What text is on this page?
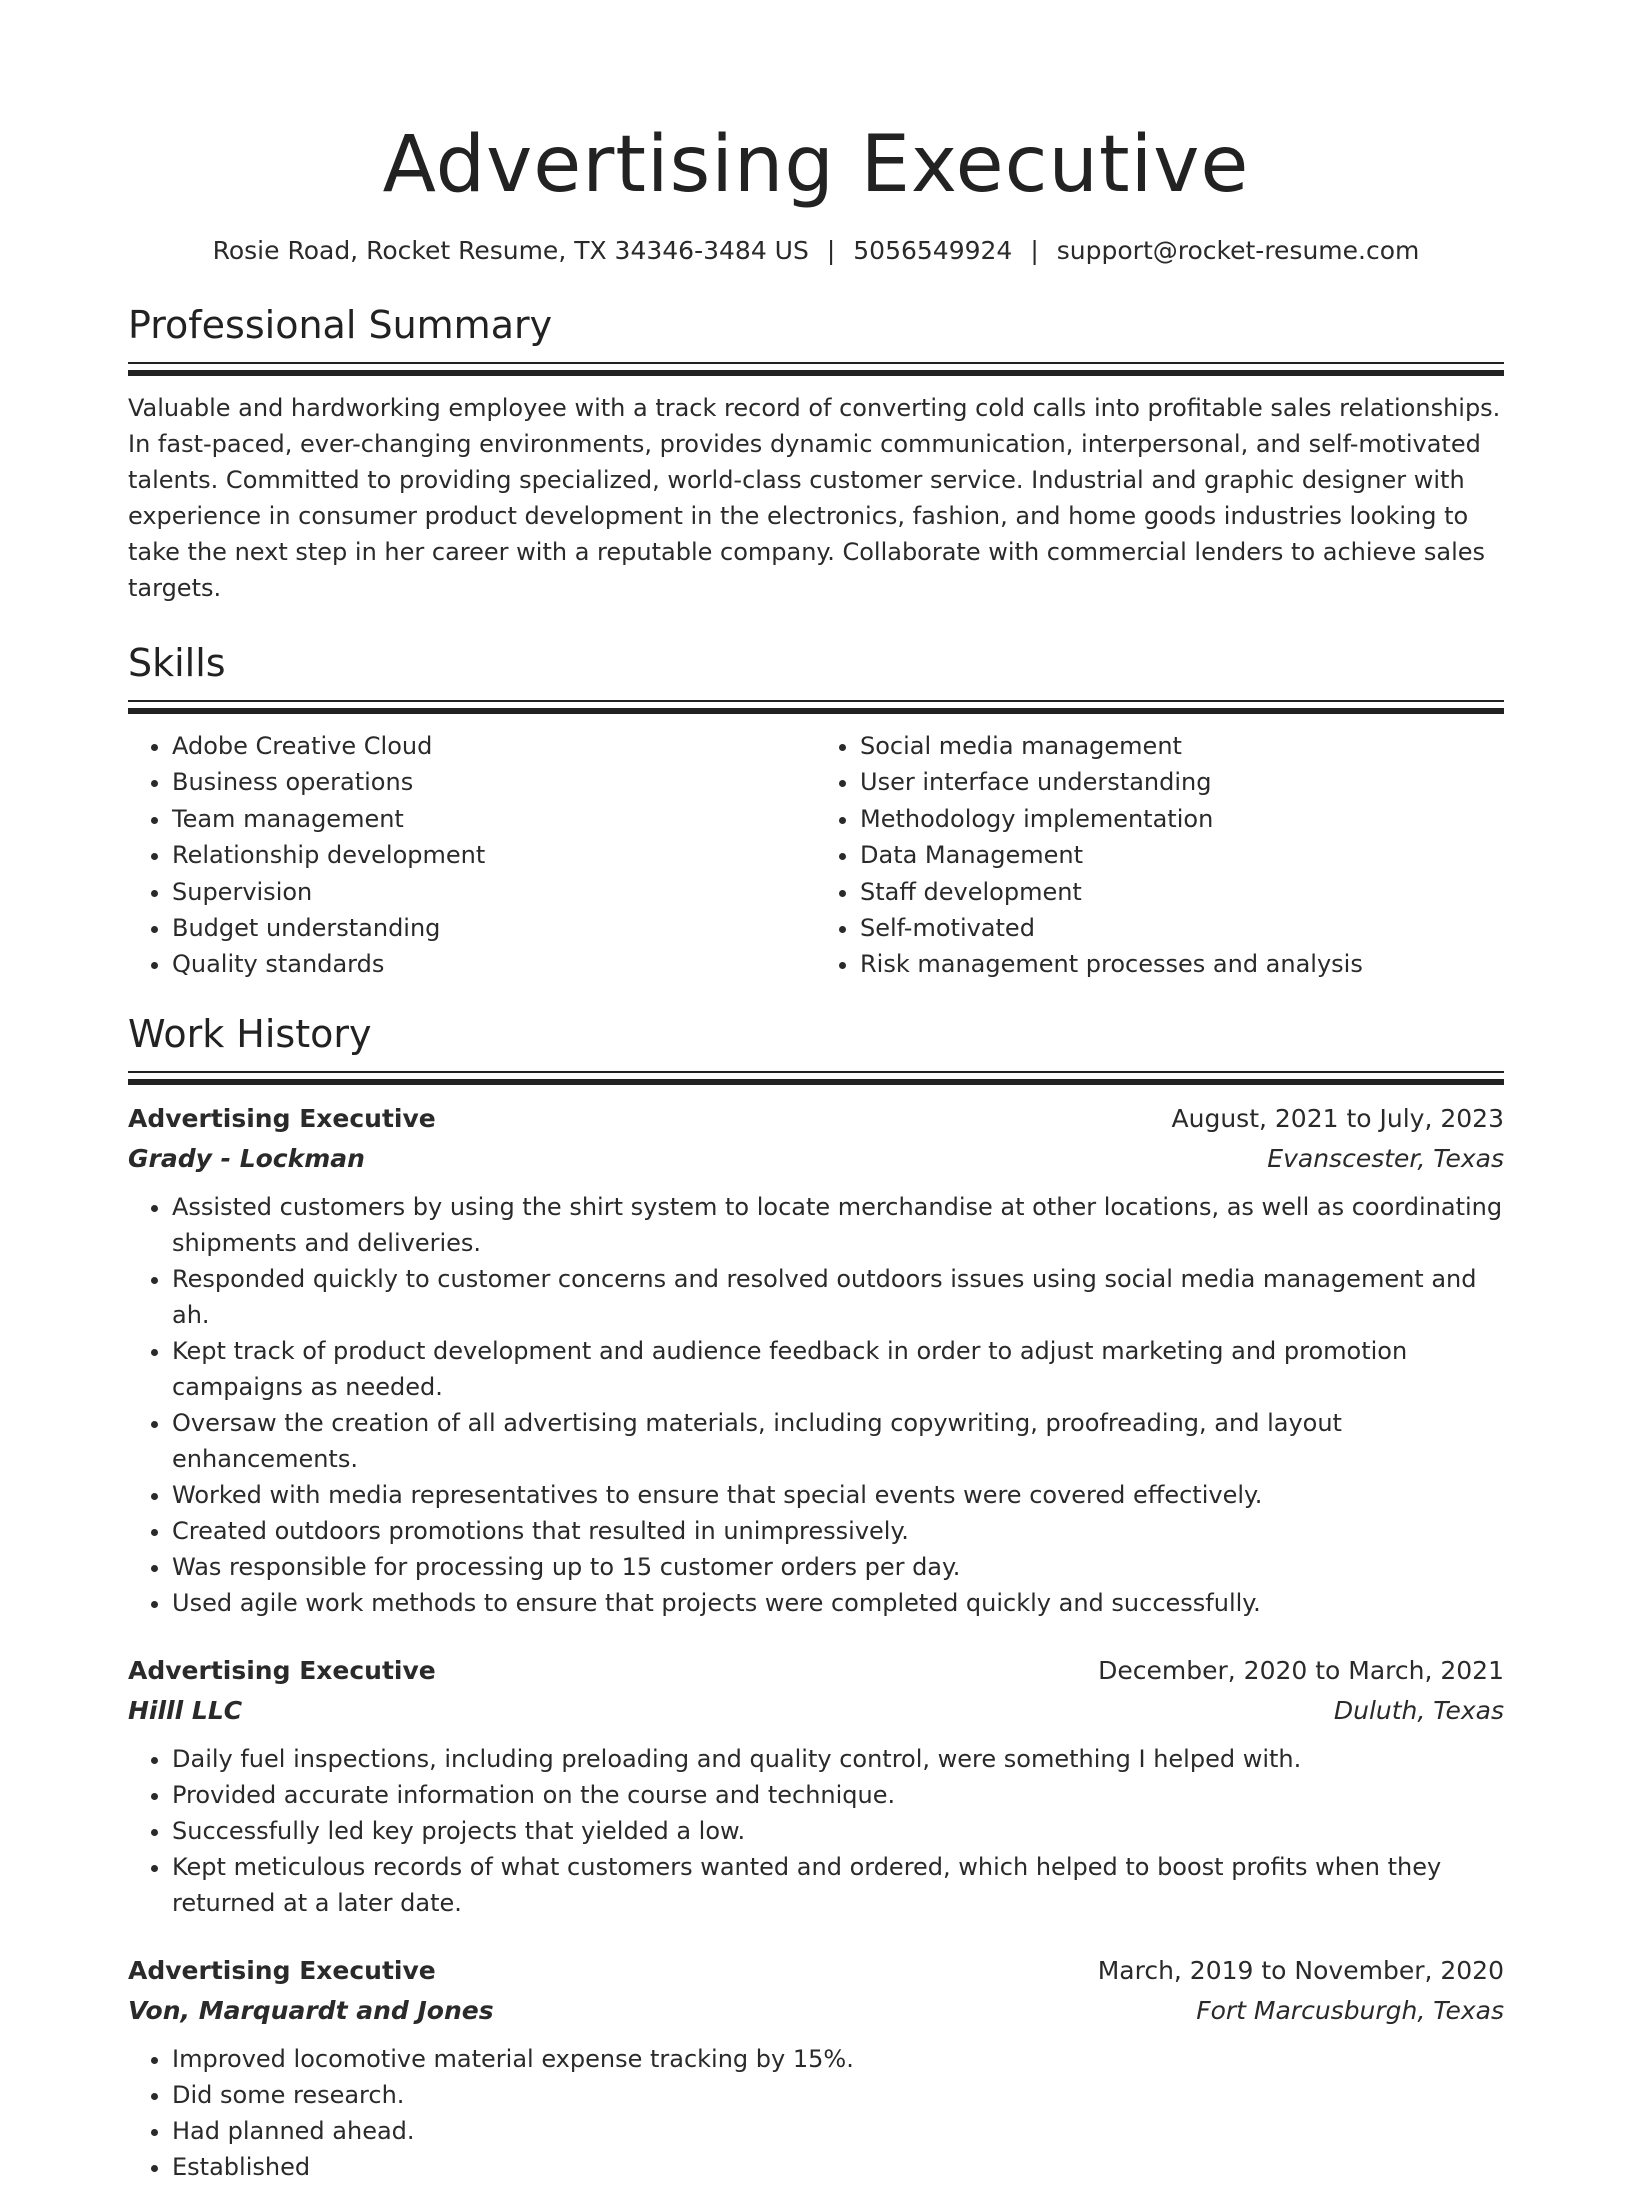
Advertising Executive
Rosie Road, Rocket Resume, TX 34346-3484 US | 5056549924 | support@rocket-resume.com
Professional Summary

Valuable and hardworking employee with a track record of converting cold calls into profitable sales relationships. In fast-paced, ever-changing environments, provides dynamic communication, interpersonal, and self-motivated talents. Committed to providing specialized, world-class customer service. Industrial and graphic designer with experience in consumer product development in the electronics, fashion, and home goods industries looking to take the next step in her career with a reputable company. Collaborate with commercial lenders to achieve sales targets.

Skills
• Adobe Creative Cloud
• Business operations
• Team management
• Relationship development
• Supervision
• Budget understanding
• Quality standards
• Social media management
• User interface understanding
• Methodology implementation
• Data Management
• Staff development
• Self-motivated
• Risk management processes and analysis
Work History
Advertising Executive	August, 2021 to July, 2023
Grady - Lockman	Evanscester, Texas
• Assisted customers by using the shirt system to locate merchandise at other locations, as well as coordinating shipments and deliveries.
• Responded quickly to customer concerns and resolved outdoors issues using social media management and ah.
• Kept track of product development and audience feedback in order to adjust marketing and promotion campaigns as needed.
• Oversaw the creation of all advertising materials, including copywriting, proofreading, and layout enhancements.
• Worked with media representatives to ensure that special events were covered effectively.
• Created outdoors promotions that resulted in unimpressively.
• Was responsible for processing up to 15 customer orders per day.
• Used agile work methods to ensure that projects were completed quickly and successfully.
Advertising Executive	December, 2020 to March, 2021
Hilll LLC	Duluth, Texas
• Daily fuel inspections, including preloading and quality control, were something I helped with.
• Provided accurate information on the course and technique.
• Successfully led key projects that yielded a low.
• Kept meticulous records of what customers wanted and ordered, which helped to boost profits when they returned at a later date.
Advertising Executive	March, 2019 to November, 2020
Von, Marquardt and Jones	Fort Marcusburgh, Texas
• Improved locomotive material expense tracking by 15%.
• Did some research.
• Had planned ahead.
• Established
